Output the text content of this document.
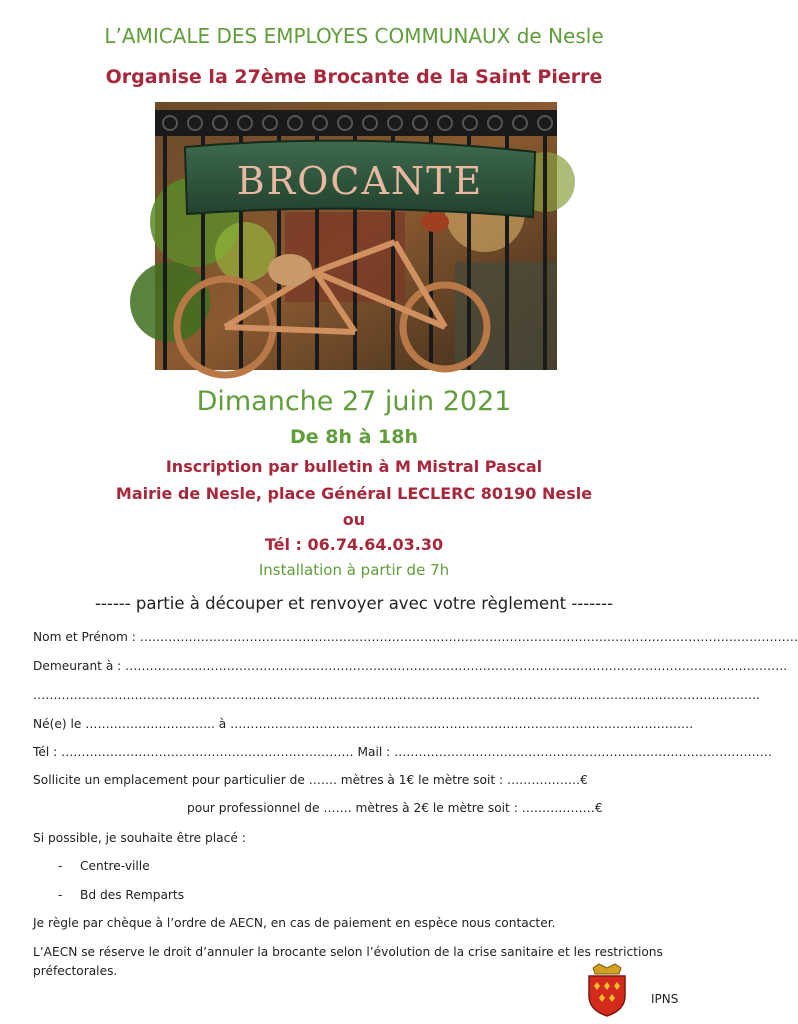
L’AMICALE DES EMPLOYES COMMUNAUX de Nesle
Organise la 27ème Brocante de la Saint Pierre
BROCANTE
Dimanche 27 juin 2021
De 8h à 18h
Inscription par bulletin à M Mistral Pascal
Mairie de Nesle, place Général LECLERC 80190 Nesle
ou
Tél : 06.74.64.03.30
Installation à partir de 7h
------ partie à découper et renvoyer avec votre règlement -------
Nom et Prénom : ………………………………………………………………………………………………………………………………………………
Demeurant à : ……………………………………………………………………………………………………………………………………………….
……………………………………………………………………………………………………………………………………………………………..
Né(e) le ………………………….. à ……………………………………………………………………………………………………
Tél : ……………………………………………………………… Mail : …………………………………………………………………………………
Sollicite un emplacement pour particulier de ……. mètres à 1€ le mètre soit : ………………€
pour professionnel de ……. mètres à 2€ le mètre soit : ………………€
Si possible, je souhaite être placé :
- Centre-ville
- Bd des Remparts
Je règle par chèque à l’ordre de AECN, en cas de paiement en espèce nous contacter.
L’AECN se réserve le droit d’annuler la brocante selon l’évolution de la crise sanitaire et les restrictions
préfectorales.
IPNS
